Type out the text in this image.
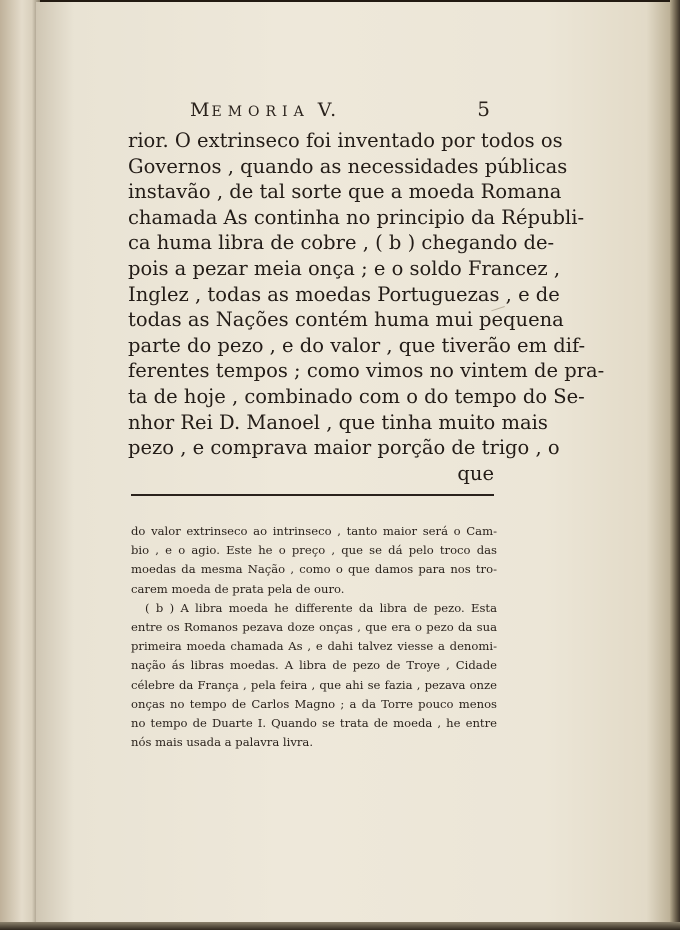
MEMORIA V.	5
rior. O extrinseco foi inventado por todos os
Governos , quando as necessidades públicas
instavão , de tal sorte que a moeda Romana
chamada As continha no principio da Républi-
ca huma libra de cobre , ( b ) chegando de-
pois a pezar meia onça ; e o soldo Francez ,
Inglez , todas as moedas Portuguezas , e de
todas as Nações contém huma mui pequena
parte do pezo , e do valor , que tiverão em dif-
ferentes tempos ; como vimos no vintem de pra-
ta de hoje , combinado com o do tempo do Se-
nhor Rei D. Manoel , que tinha muito mais
pezo , e comprava maior porção de trigo , o
que
do valor extrinseco ao intrinseco , tanto maior será o Cam-
bio , e o agio. Este he o preço , que se dá pelo troco das
moedas da mesma Nação , como o que damos para nos tro-
carem moeda de prata pela de ouro.
( b ) A libra moeda he differente da libra de pezo. Esta
entre os Romanos pezava doze onças , que era o pezo da sua
primeira moeda chamada As , e dahi talvez viesse a denomi-
nação ás libras moedas. A libra de pezo de Troye , Cidade
célebre da França , pela feira , que ahi se fazia , pezava onze
onças no tempo de Carlos Magno ; a da Torre pouco menos
no tempo de Duarte I. Quando se trata de moeda , he entre
nós mais usada a palavra livra.
